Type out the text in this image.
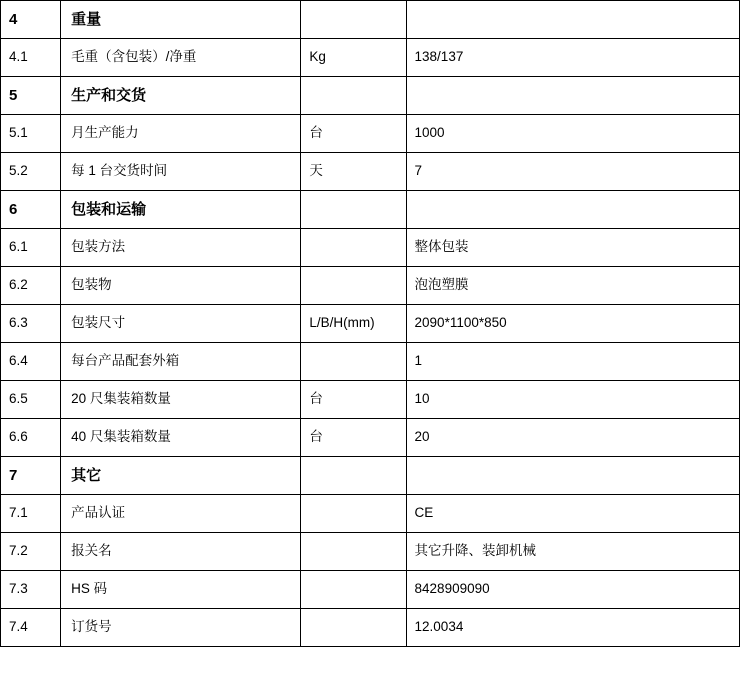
4	重量		
4.1	毛重（含包装）/净重	Kg	138/137
5	生产和交货		
5.1	月生产能力	台	1000
5.2	每 1 台交货时间	天	7
6	包装和运输		
6.1	包装方法		整体包装
6.2	包装物		泡泡塑膜
6.3	包装尺寸	L/B/H(mm)	2090*1100*850
6.4	每台产品配套外箱		1
6.5	20 尺集装箱数量	台	10
6.6	40 尺集装箱数量	台	20
7	其它		
7.1	产品认证		CE
7.2	报关名		其它升降、装卸机械
7.3	HS 码		8428909090
7.4	订货号		12.0034
